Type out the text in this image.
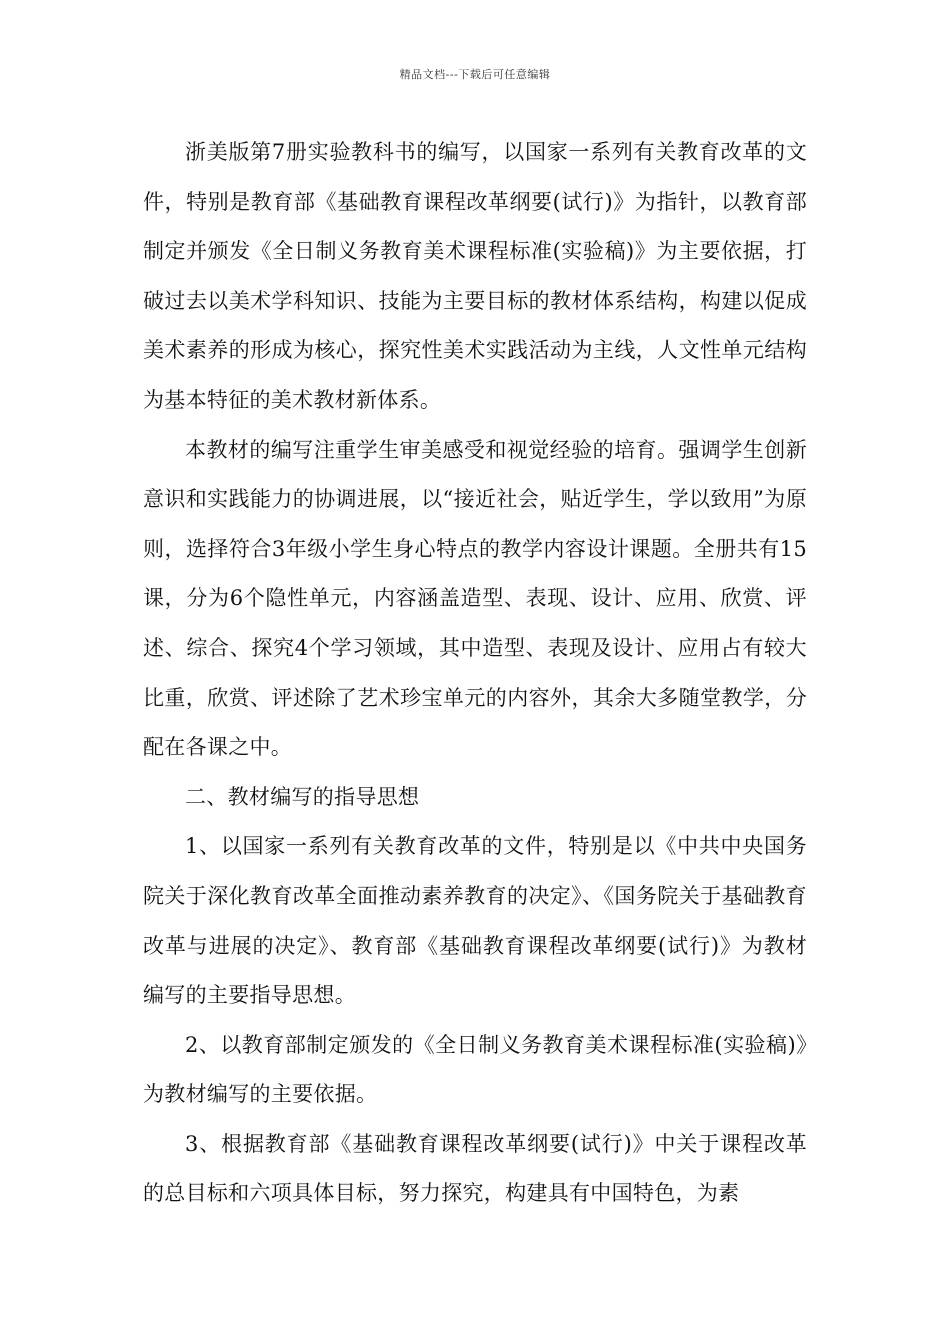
精品文档---下载后可任意编辑

浙美版第7册实验教科书的编写，以国家一系列有关教育改革的文件，特别是教育部《基础教育课程改革纲要(试行)》为指针，以教育部制定并颁发《全日制义务教育美术课程标准(实验稿)》为主要依据，打破过去以美术学科知识、技能为主要目标的教材体系结构，构建以促成美术素养的形成为核心，探究性美术实践活动为主线，人文性单元结构为基本特征的美术教材新体系。

本教材的编写注重学生审美感受和视觉经验的培育。强调学生创新意识和实践能力的协调进展，以“接近社会，贴近学生，学以致用”为原则，选择符合3年级小学生身心特点的教学内容设计课题。全册共有15课，分为6个隐性单元，内容涵盖造型、表现、设计、应用、欣赏、评述、综合、探究4个学习领域，其中造型、表现及设计、应用占有较大比重，欣赏、评述除了艺术珍宝单元的内容外，其余大多随堂教学，分配在各课之中。

二、教材编写的指导思想

1、以国家一系列有关教育改革的文件，特别是以《中共中央国务院关于深化教育改革全面推动素养教育的决定》、《国务院关于基础教育改革与进展的决定》、教育部《基础教育课程改革纲要(试行)》为教材编写的主要指导思想。

2、以教育部制定颁发的《全日制义务教育美术课程标准(实验稿)》为教材编写的主要依据。

3、根据教育部《基础教育课程改革纲要(试行)》中关于课程改革的总目标和六项具体目标，努力探究，构建具有中国特色，为素
